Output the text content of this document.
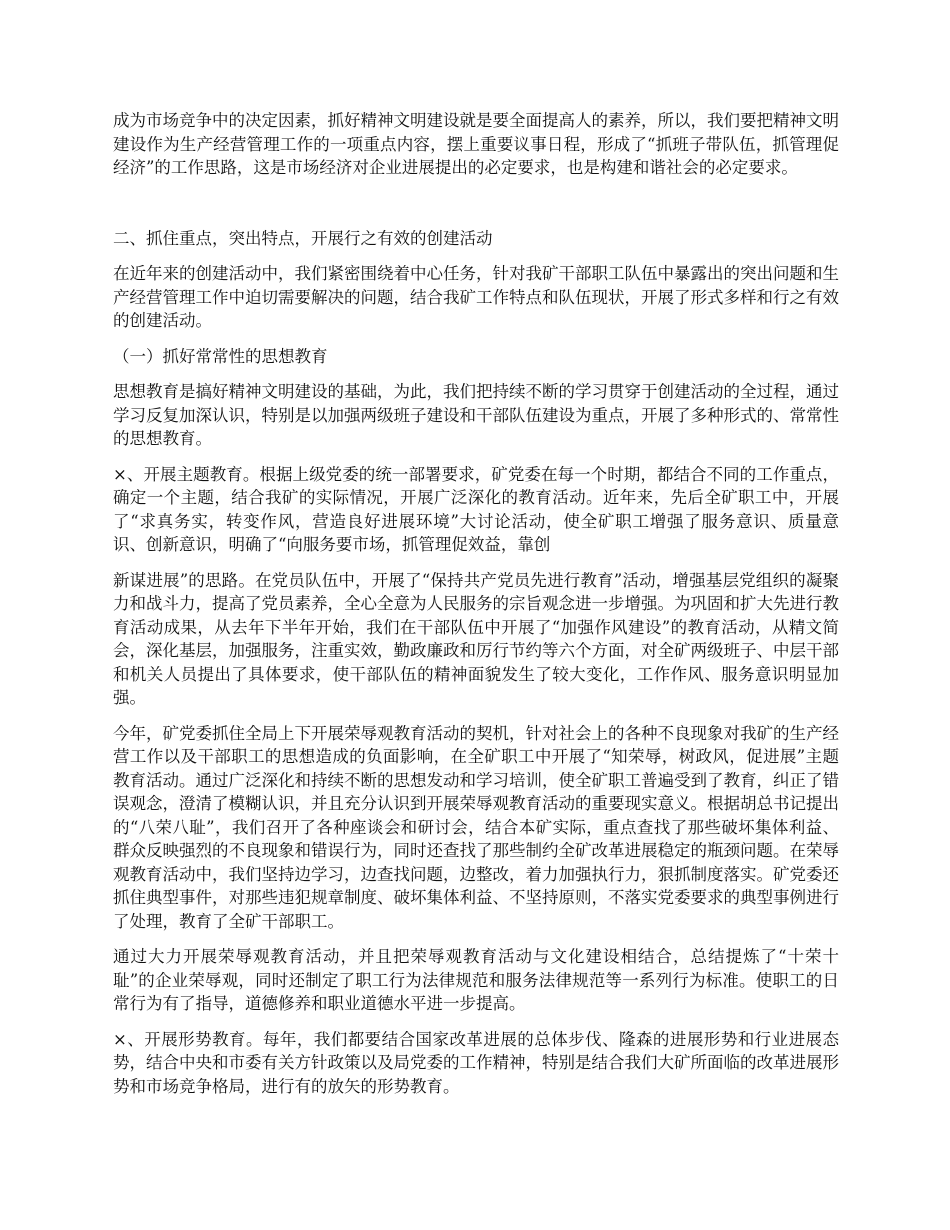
成为市场竞争中的决定因素，抓好精神文明建设就是要全面提高人的素养，所以，我们要把精神文明建设作为生产经营管理工作的一项重点内容，摆上重要议事日程，形成了“抓班子带队伍，抓管理促经济”的工作思路，这是市场经济对企业进展提出的必定要求，也是构建和谐社会的必定要求。

二、抓住重点，突出特点，开展行之有效的创建活动

在近年来的创建活动中，我们紧密围绕着中心任务，针对我矿干部职工队伍中暴露出的突出问题和生产经营管理工作中迫切需要解决的问题，结合我矿工作特点和队伍现状，开展了形式多样和行之有效的创建活动。

（一）抓好常常性的思想教育

思想教育是搞好精神文明建设的基础，为此，我们把持续不断的学习贯穿于创建活动的全过程，通过学习反复加深认识，特别是以加强两级班子建设和干部队伍建设为重点，开展了多种形式的、常常性的思想教育。

×、开展主题教育。根据上级党委的统一部署要求，矿党委在每一个时期，都结合不同的工作重点，确定一个主题，结合我矿的实际情况，开展广泛深化的教育活动。近年来，先后全矿职工中，开展了“求真务实，转变作风，营造良好进展环境”大讨论活动，使全矿职工增强了服务意识、质量意识、创新意识，明确了“向服务要市场，抓管理促效益，靠创

新谋进展”的思路。在党员队伍中，开展了“保持共产党员先进行教育”活动，增强基层党组织的凝聚力和战斗力，提高了党员素养，全心全意为人民服务的宗旨观念进一步增强。为巩固和扩大先进行教育活动成果，从去年下半年开始，我们在干部队伍中开展了“加强作风建设”的教育活动，从精文简会，深化基层，加强服务，注重实效，勤政廉政和厉行节约等六个方面，对全矿两级班子、中层干部和机关人员提出了具体要求，使干部队伍的精神面貌发生了较大变化，工作作风、服务意识明显加强。

今年，矿党委抓住全局上下开展荣辱观教育活动的契机，针对社会上的各种不良现象对我矿的生产经营工作以及干部职工的思想造成的负面影响，在全矿职工中开展了“知荣辱，树政风，促进展”主题教育活动。通过广泛深化和持续不断的思想发动和学习培训，使全矿职工普遍受到了教育，纠正了错误观念，澄清了模糊认识，并且充分认识到开展荣辱观教育活动的重要现实意义。根据胡总书记提出的“八荣八耻”，我们召开了各种座谈会和研讨会，结合本矿实际，重点查找了那些破坏集体利益、群众反映强烈的不良现象和错误行为，同时还查找了那些制约全矿改革进展稳定的瓶颈问题。在荣辱观教育活动中，我们坚持边学习，边查找问题，边整改，着力加强执行力，狠抓制度落实。矿党委还抓住典型事件，对那些违犯规章制度、破坏集体利益、不坚持原则，不落实党委要求的典型事例进行了处理，教育了全矿干部职工。

通过大力开展荣辱观教育活动，并且把荣辱观教育活动与文化建设相结合，总结提炼了“十荣十耻”的企业荣辱观，同时还制定了职工行为法律规范和服务法律规范等一系列行为标准。使职工的日常行为有了指导，道德修养和职业道德水平进一步提高。

×、开展形势教育。每年，我们都要结合国家改革进展的总体步伐、隆森的进展形势和行业进展态势，结合中央和市委有关方针政策以及局党委的工作精神，特别是结合我们大矿所面临的改革进展形势和市场竞争格局，进行有的放矢的形势教育。
